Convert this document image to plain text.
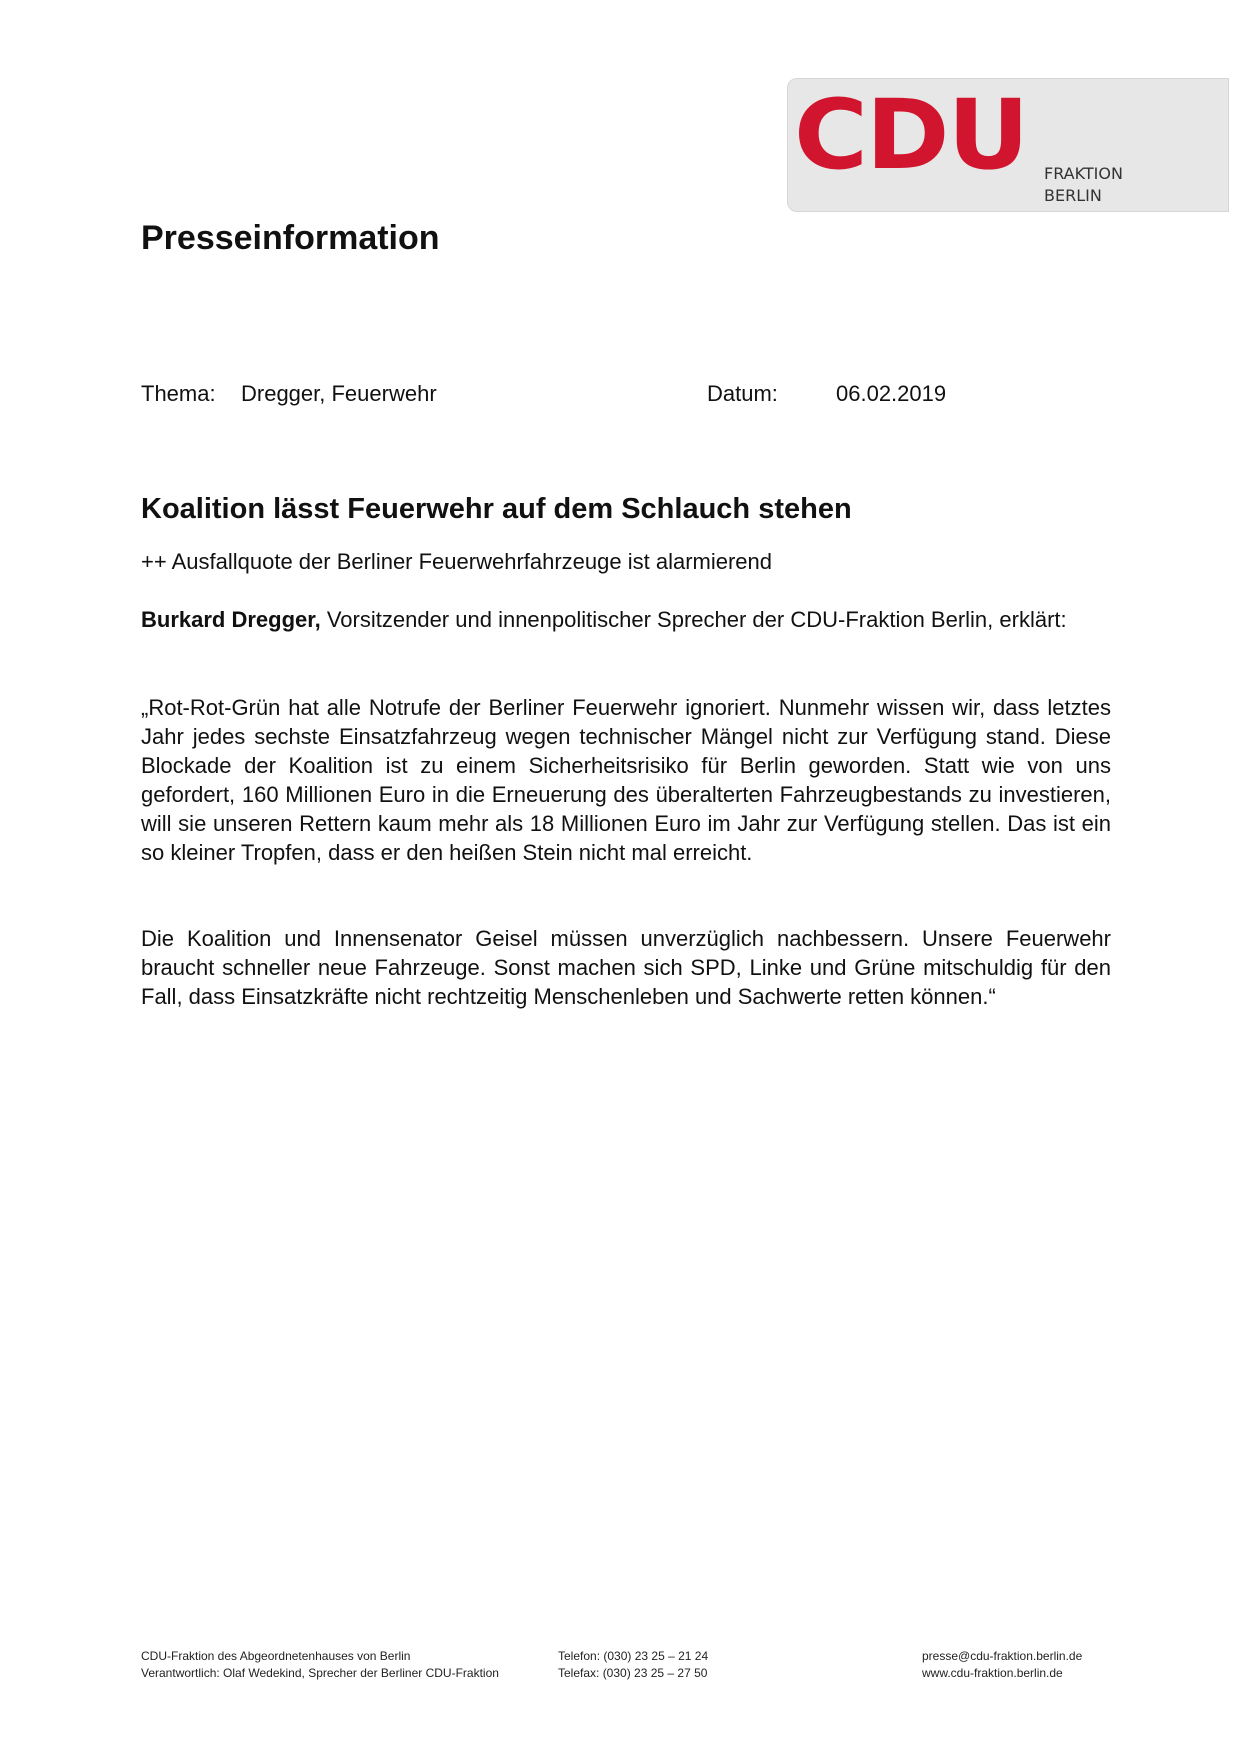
CDU FRAKTION
BERLIN
Presseinformation
Thema: Dregger, Feuerwehr	Datum:	06.02.2019
Koalition lässt Feuerwehr auf dem Schlauch stehen

++ Ausfallquote der Berliner Feuerwehrfahrzeuge ist alarmierend

Burkard Dregger, Vorsitzender und innenpolitischer Sprecher der CDU-Fraktion Berlin, erklärt:

„Rot-Rot-Grün hat alle Notrufe der Berliner Feuerwehr ignoriert. Nunmehr wissen wir, dass letztes Jahr jedes sechste Einsatzfahrzeug wegen technischer Mängel nicht zur Verfügung stand. Diese Blockade der Koalition ist zu einem Sicherheitsrisiko für Berlin geworden. Statt wie von uns gefordert, 160 Millionen Euro in die Erneuerung des überalterten Fahrzeugbestands zu investieren, will sie unseren Rettern kaum mehr als 18 Millionen Euro im Jahr zur Verfügung stellen. Das ist ein so kleiner Tropfen, dass er den heißen Stein nicht mal erreicht.

Die Koalition und Innensenator Geisel müssen unverzüglich nachbessern. Unsere Feuerwehr braucht schneller neue Fahrzeuge. Sonst machen sich SPD, Linke und Grüne mitschuldig für den Fall, dass Einsatzkräfte nicht rechtzeitig Menschenleben und Sachwerte retten können.“

CDU-Fraktion des Abgeordnetenhauses von Berlin
Verantwortlich: Olaf Wedekind, Sprecher der Berliner CDU-Fraktion
Telefon: (030) 23 25 – 21 24
Telefax: (030) 23 25 – 27 50
presse@cdu-fraktion.berlin.de
www.cdu-fraktion.berlin.de
